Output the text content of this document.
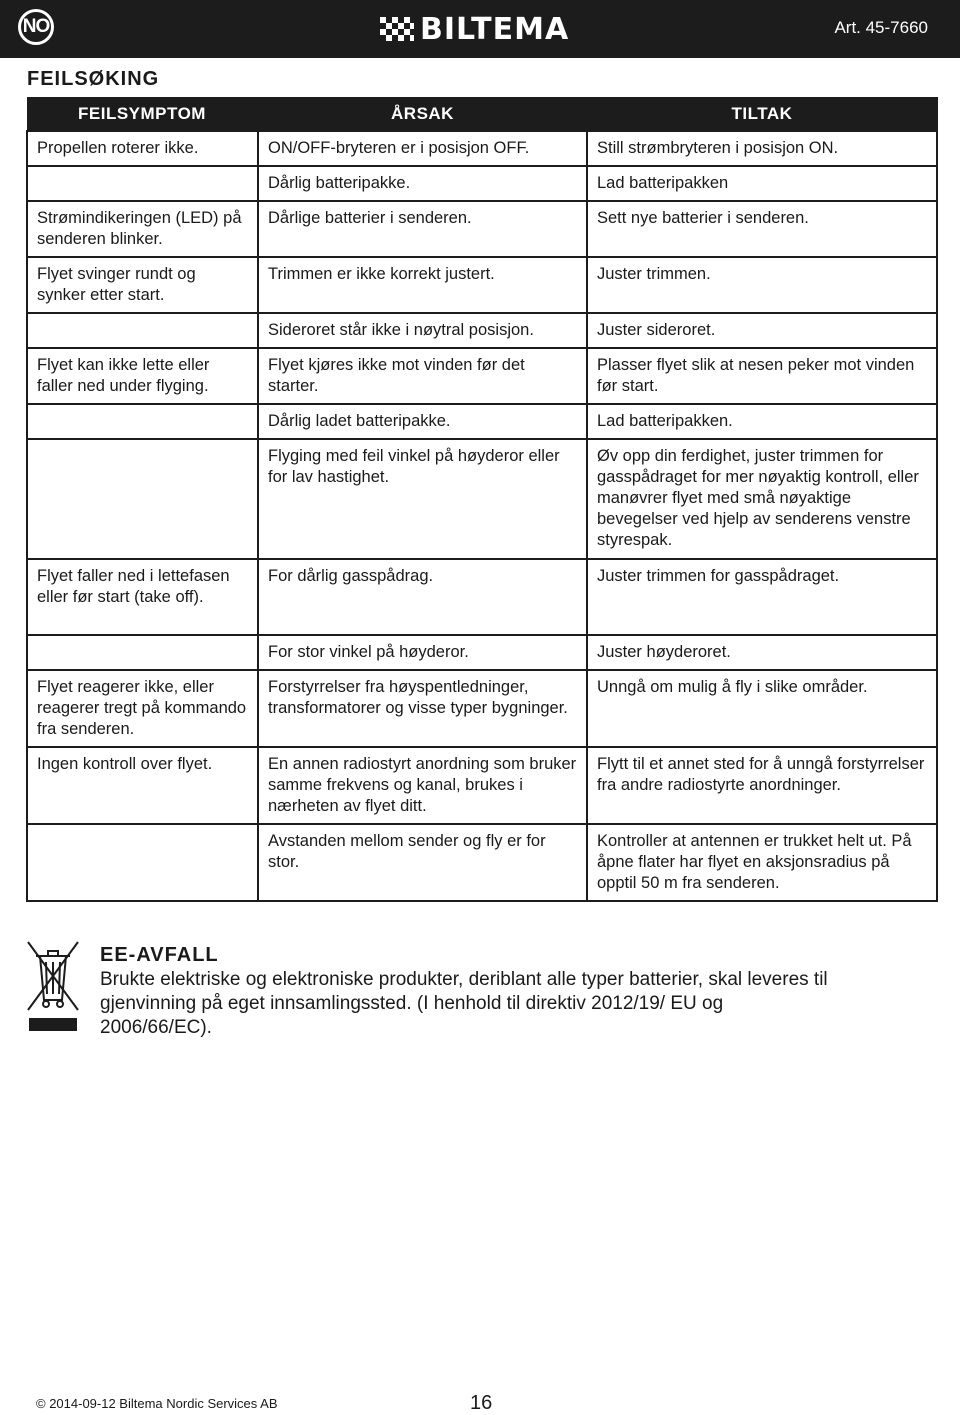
NO	BILTEMA	Art. 45-7660
FEILSØKING
FEILSYMPTOM	ÅRSAK	TILTAK
Propellen roterer ikke.	ON/OFF-bryteren er i posisjon OFF.	Still strømbryteren i posisjon ON.
	Dårlig batteripakke.	Lad batteripakken
Strømindikeringen (LED) på senderen blinker.	Dårlige batterier i senderen.	Sett nye batterier i senderen.
Flyet svinger rundt og synker etter start.	Trimmen er ikke korrekt justert.	Juster trimmen.
	Sideroret står ikke i nøytral posisjon.	Juster sideroret.
Flyet kan ikke lette eller faller ned under flyging.	Flyet kjøres ikke mot vinden før det starter.	Plasser flyet slik at nesen peker mot vinden før start.
	Dårlig ladet batteripakke.	Lad batteripakken.
	Flyging med feil vinkel på høyderor eller for lav hastighet.	Øv opp din ferdighet, juster trimmen for gasspådraget for mer nøyaktig kontroll, eller manøvrer flyet med små nøyaktige bevegelser ved hjelp av senderens venstre styrespak.
Flyet faller ned i lettefasen eller før start (take off).	For dårlig gasspådrag.	Juster trimmen for gasspådraget.
	For stor vinkel på høyderor.	Juster høyderoret.
Flyet reagerer ikke, eller reagerer tregt på kommando fra senderen.	Forstyrrelser fra høyspentledninger, transformatorer og visse typer bygninger.	Unngå om mulig å fly i slike områder.
Ingen kontroll over flyet.	En annen radiostyrt anordning som bruker samme frekvens og kanal, brukes i nærheten av flyet ditt.	Flytt til et annet sted for å unngå forstyrrelser fra andre radiostyrte anordninger.
	Avstanden mellom sender og fly er for stor.	Kontroller at antennen er trukket helt ut. På åpne flater har flyet en aksjonsradius på opptil 50 m fra senderen.
EE-AVFALL
Brukte elektriske og elektroniske produkter, deriblant alle typer batterier, skal leveres til gjenvinning på eget innsamlingssted. (I henhold til direktiv 2012/19/ EU og 2006/66/EC).
© 2014-09-12 Biltema Nordic Services AB	16
